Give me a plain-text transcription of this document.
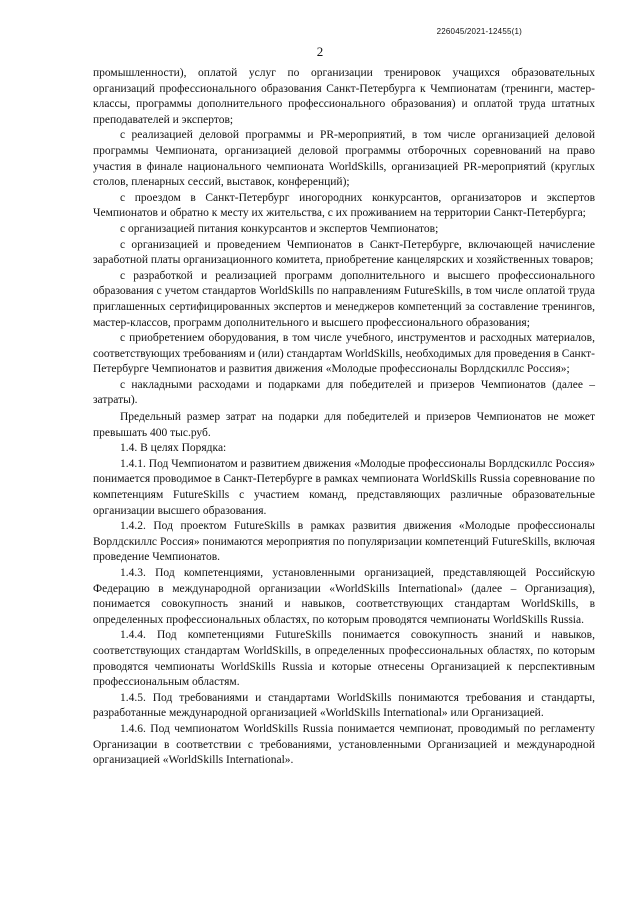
226045/2021-12455(1)
2

промышленности), оплатой услуг по организации тренировок учащихся образовательных организаций профессионального образования Санкт-Петербурга к Чемпионатам (тренинги, мастер-классы, программы дополнительного профессионального образования) и оплатой труда штатных преподавателей и экспертов;

с реализацией деловой программы и PR-мероприятий, в том числе организацией деловой программы Чемпионата, организацией деловой программы отборочных соревнований на право участия в финале национального чемпионата WorldSkills, организацией PR-мероприятий (круглых столов, пленарных сессий, выставок, конференций);

с проездом в Санкт-Петербург иногородних конкурсантов, организаторов и экспертов Чемпионатов и обратно к месту их жительства, с их проживанием на территории Санкт-Петербурга;

с организацией питания конкурсантов и экспертов Чемпионатов;

с организацией и проведением Чемпионатов в Санкт-Петербурге, включающей начисление заработной платы организационного комитета, приобретение канцелярских и хозяйственных товаров;

с разработкой и реализацией программ дополнительного и высшего профессионального образования с учетом стандартов WorldSkills по направлениям FutureSkills, в том числе оплатой труда приглашенных сертифицированных экспертов и менеджеров компетенций за составление тренингов, мастер-классов, программ дополнительного и высшего профессионального образования;

с приобретением оборудования, в том числе учебного, инструментов и расходных материалов, соответствующих требованиям и (или) стандартам WorldSkills, необходимых для проведения в Санкт-Петербурге Чемпионатов и развития движения «Молодые профессионалы Ворлдскиллс Россия»;

с накладными расходами и подарками для победителей и призеров Чемпионатов (далее – затраты).

Предельный размер затрат на подарки для победителей и призеров Чемпионатов не может превышать 400 тыс.руб.

1.4. В целях Порядка:

1.4.1. Под Чемпионатом и развитием движения «Молодые профессионалы Ворлдскиллс Россия» понимается проводимое в Санкт-Петербурге в рамках чемпионата WorldSkills Russia соревнование по компетенциям FutureSkills с участием команд, представляющих различные образовательные организации высшего образования.

1.4.2. Под проектом FutureSkills в рамках развития движения «Молодые профессионалы Ворлдскиллс Россия» понимаются мероприятия по популяризации компетенций FutureSkills, включая проведение Чемпионатов.

1.4.3. Под компетенциями, установленными организацией, представляющей Российскую Федерацию в международной организации «WorldSkills International» (далее – Организация), понимается совокупность знаний и навыков, соответствующих стандартам WorldSkills, в определенных профессиональных областях, по которым проводятся чемпионаты WorldSkills Russia.

1.4.4. Под компетенциями FutureSkills понимается совокупность знаний и навыков, соответствующих стандартам WorldSkills, в определенных профессиональных областях, по которым проводятся чемпионаты WorldSkills Russia и которые отнесены Организацией к перспективным профессиональным областям.

1.4.5. Под требованиями и стандартами WorldSkills понимаются требования и стандарты, разработанные международной организацией «WorldSkills International» или Организацией.

1.4.6. Под чемпионатом WorldSkills Russia понимается чемпионат, проводимый по регламенту Организации в соответствии с требованиями, установленными Организацией и международной организацией «WorldSkills International».
